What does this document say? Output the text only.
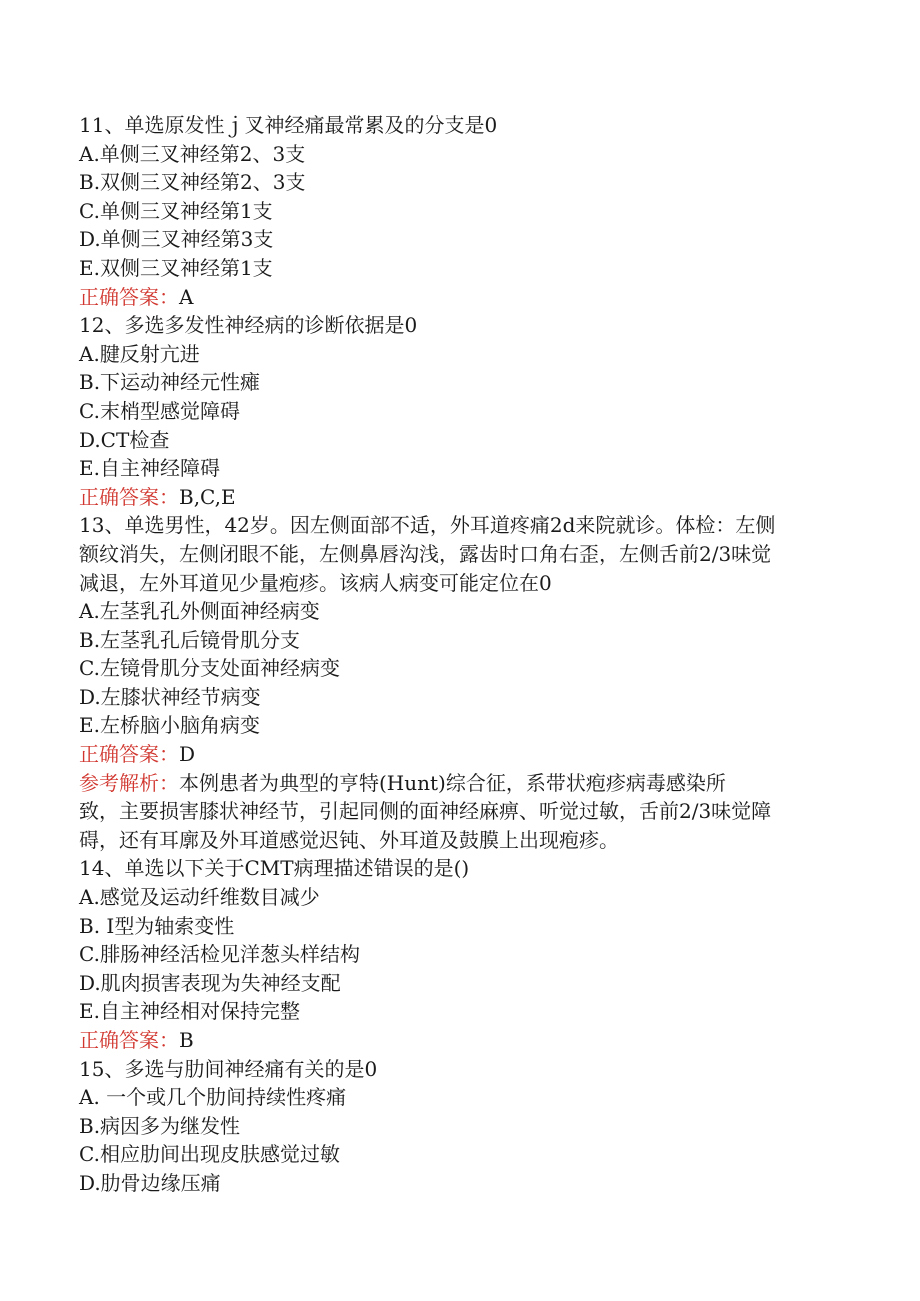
11、单选原发性ｊ叉神经痛最常累及的分支是0
A.单侧三叉神经第2、3支
B.双侧三叉神经第2、3支
C.单侧三叉神经第1支
D.单侧三叉神经第3支
E.双侧三叉神经第1支
正确答案：A
12、多选多发性神经病的诊断依据是0
A.腱反射亢进
B.下运动神经元性瘫
C.末梢型感觉障碍
D.CT检查
E.自主神经障碍
正确答案：B,C,E
13、单选男性，42岁。因左侧面部不适，外耳道疼痛2d来院就诊。体检：左侧
额纹消失，左侧闭眼不能，左侧鼻唇沟浅，露齿时口角右歪，左侧舌前2/3味觉
减退，左外耳道见少量疱疹。该病人病变可能定位在0
A.左茎乳孔外侧面神经病变
B.左茎乳孔后镜骨肌分支
C.左镜骨肌分支处面神经病变
D.左膝状神经节病变
E.左桥脑小脑角病变
正确答案：D
参考解析：本例患者为典型的亨特(Hunt)综合征，系带状疱疹病毒感染所
致，主要损害膝状神经节，引起同侧的面神经麻痹、听觉过敏，舌前2/3味觉障
碍，还有耳廓及外耳道感觉迟钝、外耳道及鼓膜上出现疱疹。
14、单选以下关于CMT病理描述错误的是()
A.感觉及运动纤维数目减少
B. Ⅰ型为轴索变性
C.腓肠神经活检见洋葱头样结构
D.肌肉损害表现为失神经支配
E.自主神经相对保持完整
正确答案：B
15、多选与肋间神经痛有关的是0
A. 一个或几个肋间持续性疼痛
B.病因多为继发性
C.相应肋间出现皮肤感觉过敏
D.肋骨边缘压痛
